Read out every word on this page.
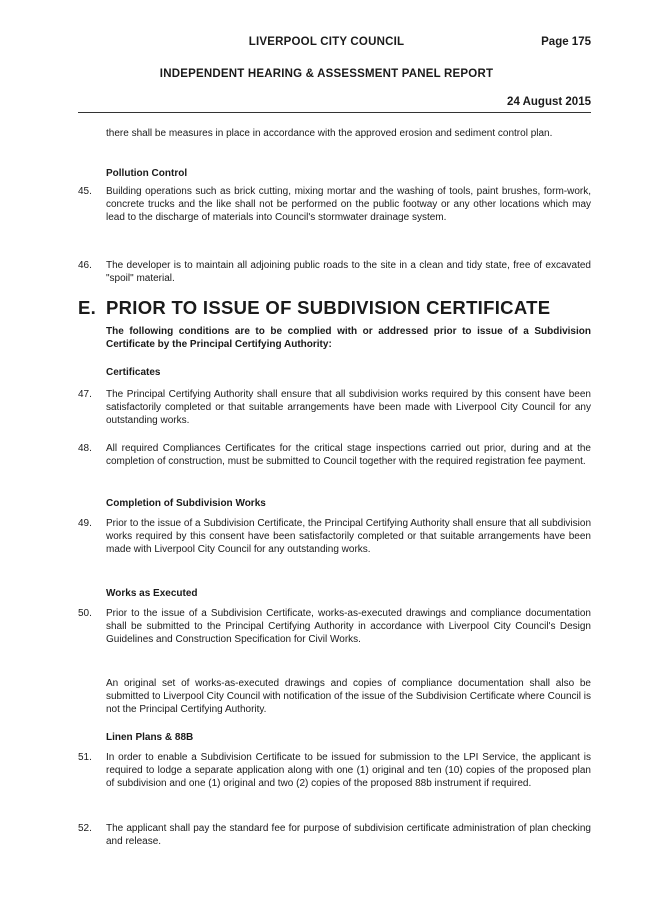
LIVERPOOL CITY COUNCIL	Page 175
INDEPENDENT HEARING & ASSESSMENT PANEL REPORT
24 August 2015
there shall be measures in place in accordance with the approved erosion and sediment control plan.
Pollution Control
45. Building operations such as brick cutting, mixing mortar and the washing of tools, paint brushes, form-work, concrete trucks and the like shall not be performed on the public footway or any other locations which may lead to the discharge of materials into Council's stormwater drainage system.
46. The developer is to maintain all adjoining public roads to the site in a clean and tidy state, free of excavated "spoil" material.
E. PRIOR TO ISSUE OF SUBDIVISION CERTIFICATE
The following conditions are to be complied with or addressed prior to issue of a Subdivision Certificate by the Principal Certifying Authority:
Certificates
47. The Principal Certifying Authority shall ensure that all subdivision works required by this consent have been satisfactorily completed or that suitable arrangements have been made with Liverpool City Council for any outstanding works.
48. All required Compliances Certificates for the critical stage inspections carried out prior, during and at the completion of construction, must be submitted to Council together with the required registration fee payment.
Completion of Subdivision Works
49. Prior to the issue of a Subdivision Certificate, the Principal Certifying Authority shall ensure that all subdivision works required by this consent have been satisfactorily completed or that suitable arrangements have been made with Liverpool City Council for any outstanding works.
Works as Executed
50. Prior to the issue of a Subdivision Certificate, works-as-executed drawings and compliance documentation shall be submitted to the Principal Certifying Authority in accordance with Liverpool City Council's Design Guidelines and Construction Specification for Civil Works.
An original set of works-as-executed drawings and copies of compliance documentation shall also be submitted to Liverpool City Council with notification of the issue of the Subdivision Certificate where Council is not the Principal Certifying Authority.
Linen Plans & 88B
51. In order to enable a Subdivision Certificate to be issued for submission to the LPI Service, the applicant is required to lodge a separate application along with one (1) original and ten (10) copies of the proposed plan of subdivision and one (1) original and two (2) copies of the proposed 88b instrument if required.
52. The applicant shall pay the standard fee for purpose of subdivision certificate administration of plan checking and release.
